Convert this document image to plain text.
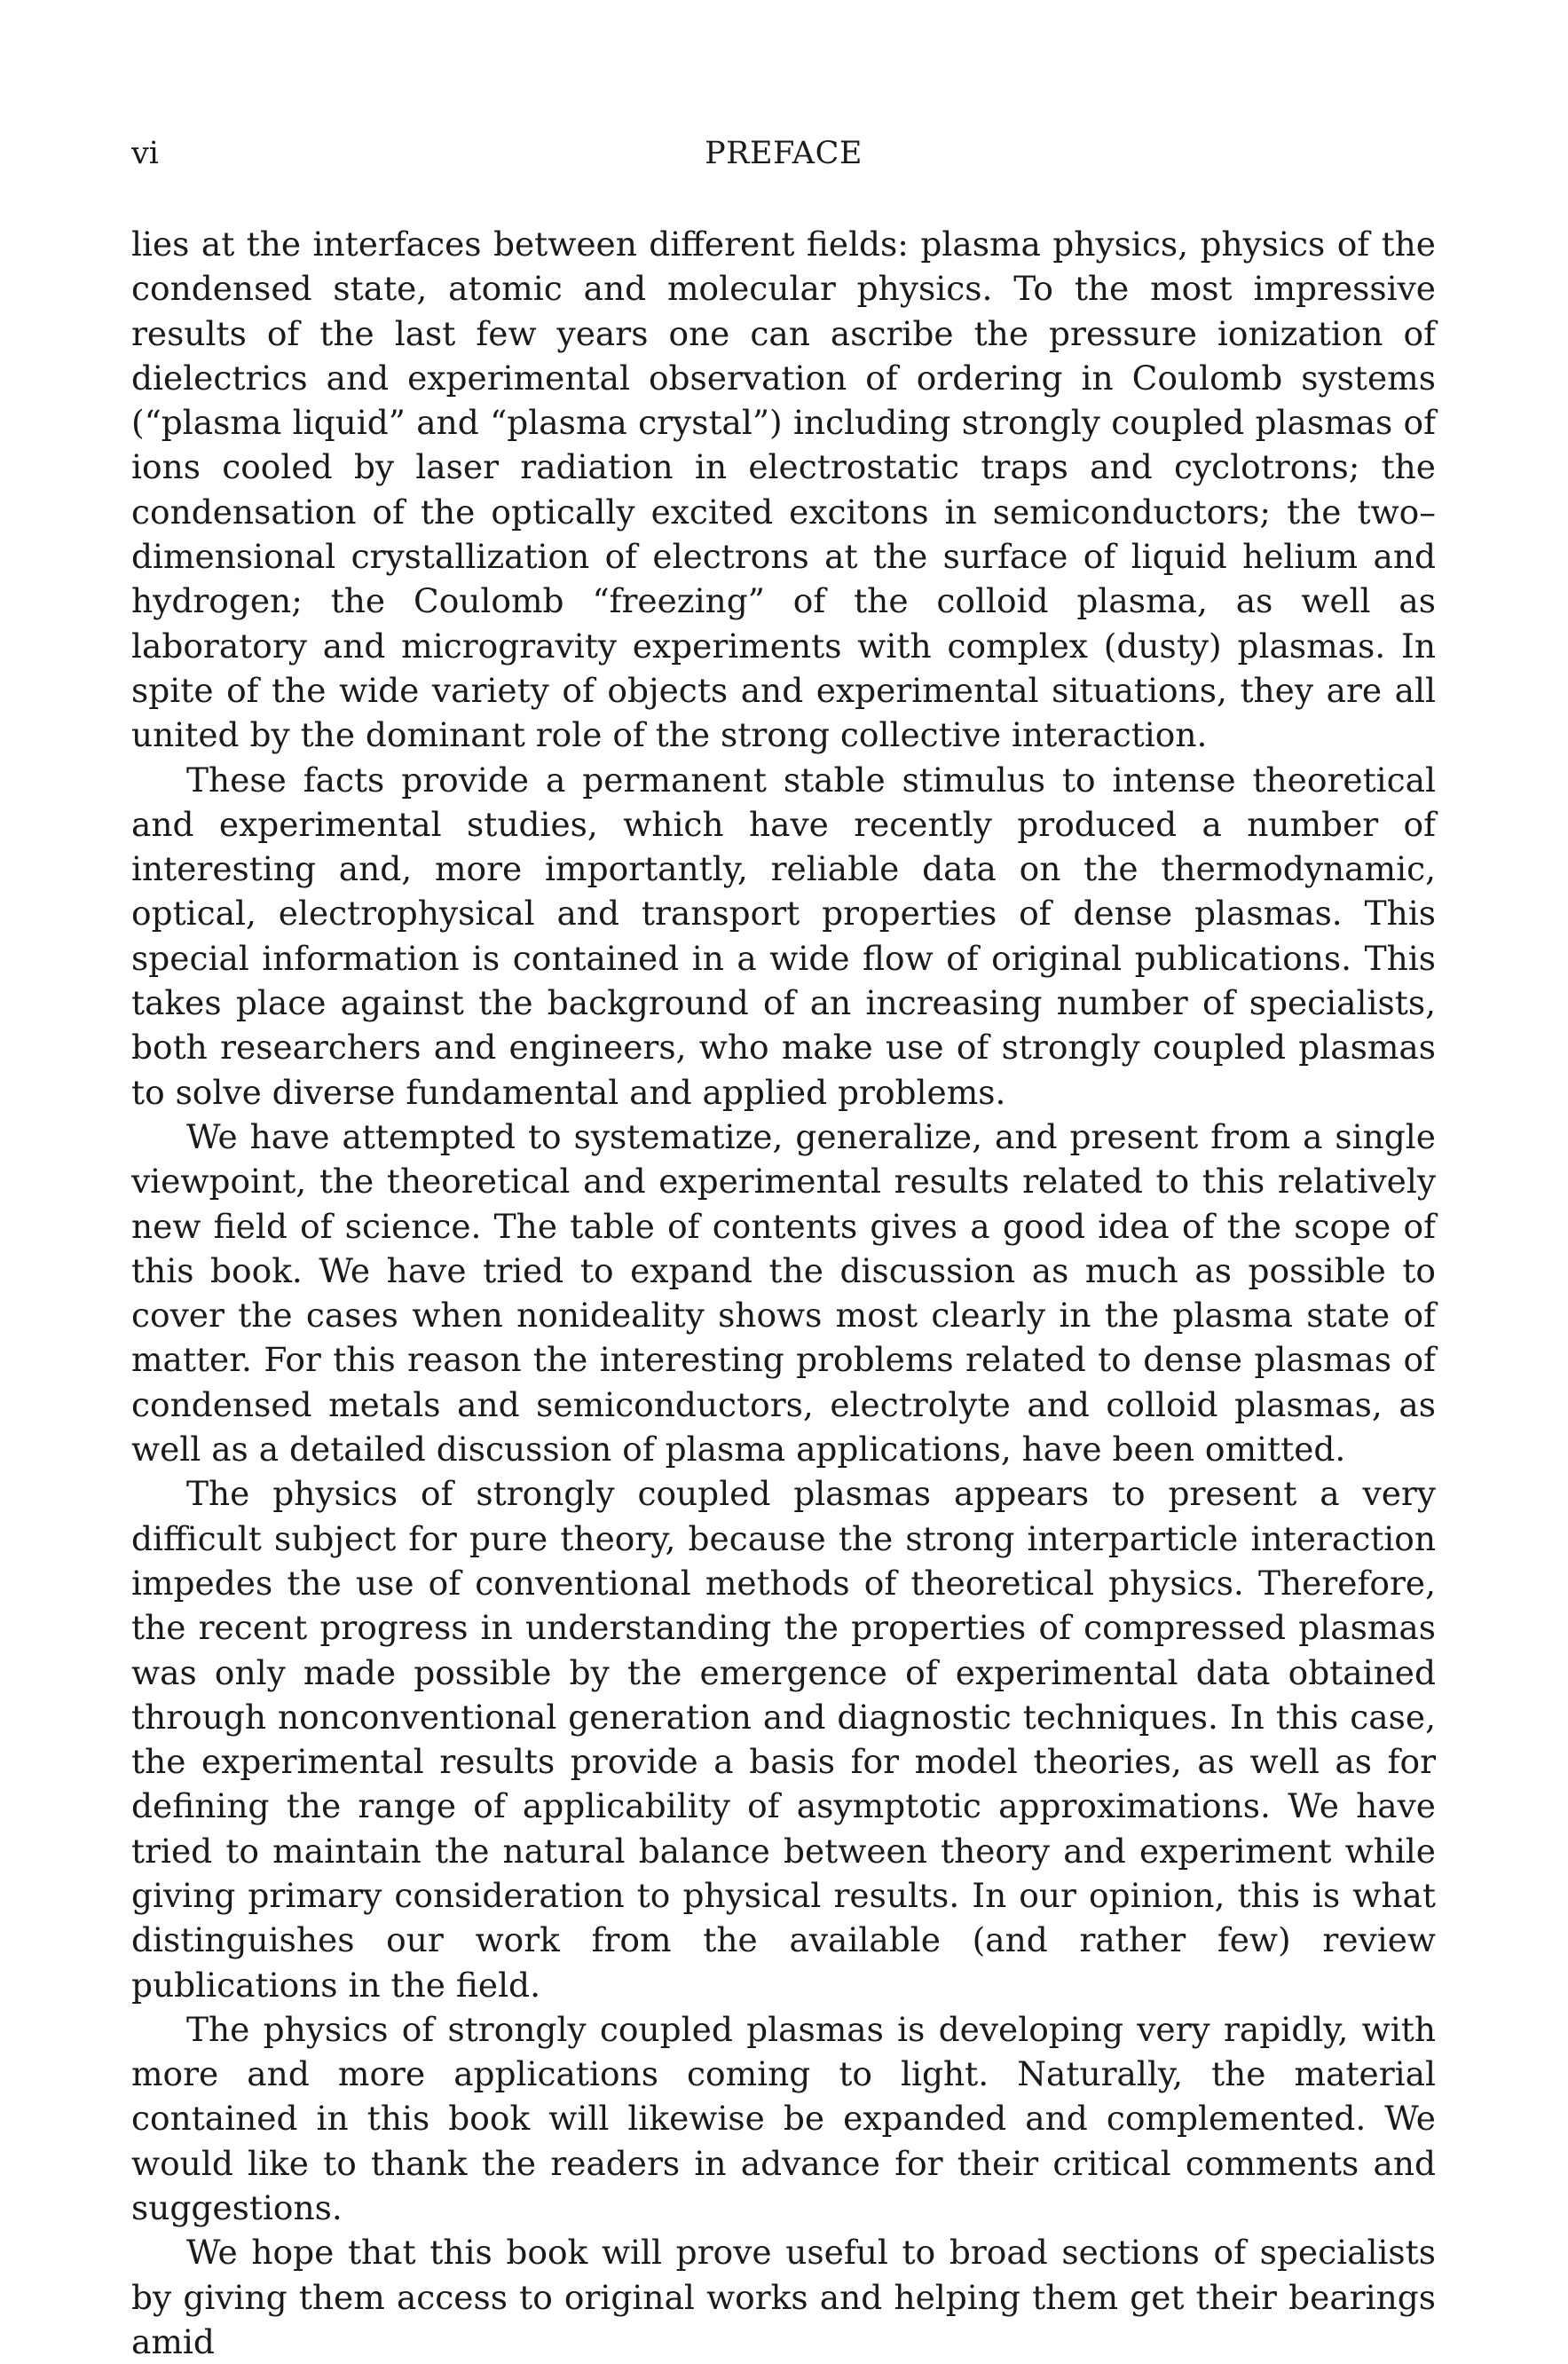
vi	PREFACE

lies at the interfaces between different fields: plasma physics, physics of the condensed state, atomic and molecular physics. To the most impressive results of the last few years one can ascribe the pressure ionization of dielectrics and experimental observation of ordering in Coulomb systems (“plasma liquid” and “plasma crystal”) including strongly coupled plasmas of ions cooled by laser radiation in electrostatic traps and cyclotrons; the condensation of the optically excited excitons in semiconductors; the two–dimensional crystallization of electrons at the surface of liquid helium and hydrogen; the Coulomb “freezing” of the colloid plasma, as well as laboratory and microgravity experiments with complex (dusty) plasmas. In spite of the wide variety of objects and experimental situations, they are all united by the dominant role of the strong collective interaction.

These facts provide a permanent stable stimulus to intense theoretical and experimental studies, which have recently produced a number of interesting and, more importantly, reliable data on the thermodynamic, optical, electrophysical and transport properties of dense plasmas. This special information is contained in a wide flow of original publications. This takes place against the background of an increasing number of specialists, both researchers and engineers, who make use of strongly coupled plasmas to solve diverse fundamental and applied problems.

We have attempted to systematize, generalize, and present from a single viewpoint, the theoretical and experimental results related to this relatively new field of science. The table of contents gives a good idea of the scope of this book. We have tried to expand the discussion as much as possible to cover the cases when nonideality shows most clearly in the plasma state of matter. For this reason the interesting problems related to dense plasmas of condensed metals and semiconductors, electrolyte and colloid plasmas, as well as a detailed discussion of plasma applications, have been omitted.

The physics of strongly coupled plasmas appears to present a very difficult subject for pure theory, because the strong interparticle interaction impedes the use of conventional methods of theoretical physics. Therefore, the recent progress in understanding the properties of compressed plasmas was only made possible by the emergence of experimental data obtained through nonconventional generation and diagnostic techniques. In this case, the experimental results provide a basis for model theories, as well as for defining the range of applicability of asymptotic approximations. We have tried to maintain the natural balance between theory and experiment while giving primary consideration to physical results. In our opinion, this is what distinguishes our work from the available (and rather few) review publications in the field.

The physics of strongly coupled plasmas is developing very rapidly, with more and more applications coming to light. Naturally, the material contained in this book will likewise be expanded and complemented. We would like to thank the readers in advance for their critical comments and suggestions.

We hope that this book will prove useful to broad sections of specialists by giving them access to original works and helping them get their bearings amid
